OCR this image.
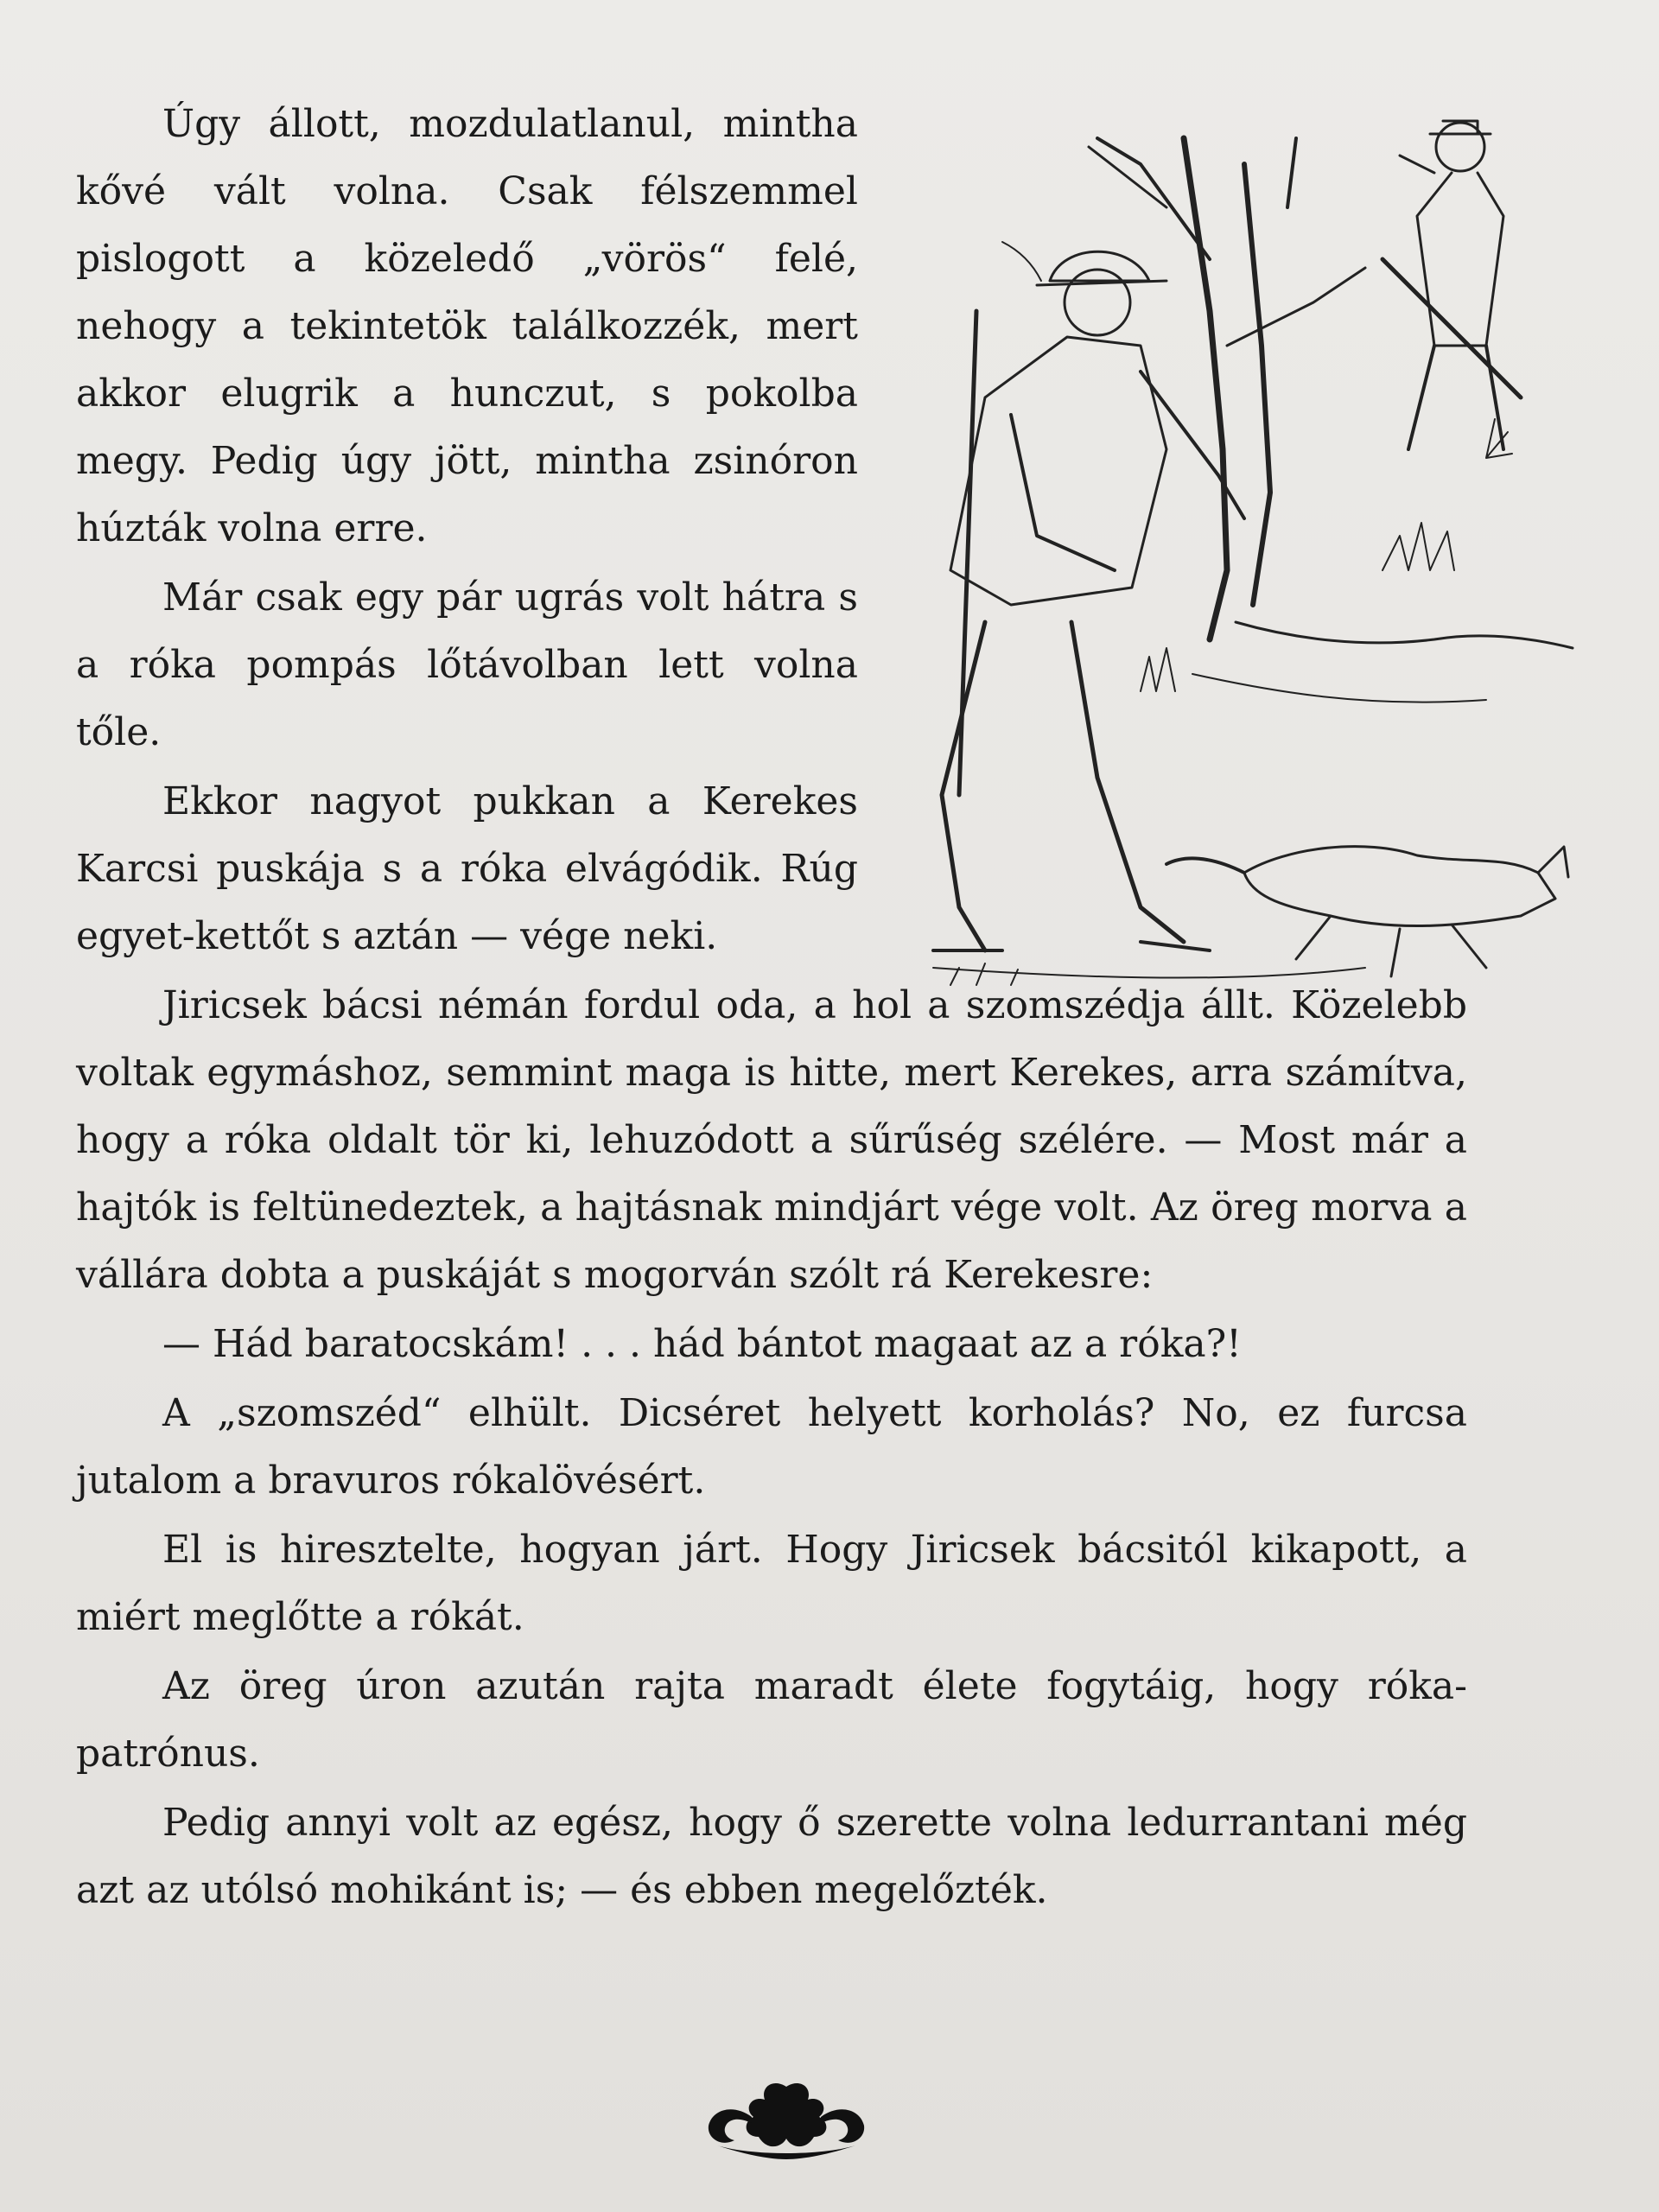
Úgy állott, mozdulatlanul, mintha kővé vált volna. Csak félszemmel pislogott a közeledő „vörös“ felé, nehogy a tekintetök találkozzék, mert akkor elugrik a hunczut, s pokolba megy. Pedig úgy jött, mintha zsinóron húzták volna erre.

Már csak egy pár ugrás volt hátra s a róka pompás lőtávolban lett volna tőle.

Ekkor nagyot pukkan a Kerekes Karcsi puskája s a róka elvágódik. Rúg egyet-kettőt s aztán — vége neki.

Jiricsek bácsi némán fordul oda, a hol a szomszédja állt. Közelebb voltak egymáshoz, semmint maga is hitte, mert Kerekes, arra számítva, hogy a róka oldalt tör ki, lehuzódott a sűrűség szélére. — Most már a hajtók is feltünedeztek, a hajtásnak mindjárt vége volt. Az öreg morva a vállára dobta a puskáját s mogorván szólt rá Kerekesre:

— Hád baratocskám! . . . hád bántot magaat az a róka?!

A „szomszéd“ elhült. Dicséret helyett korholás? No, ez furcsa jutalom a bravuros rókalövésért.

El is hiresztelte, hogyan járt. Hogy Jiricsek bácsitól kikapott, a miért meglőtte a rókát.

Az öreg úron azután rajta maradt élete fogytáig, hogy rókapatrónus.

Pedig annyi volt az egész, hogy ő szerette volna ledurrantani még azt az utólsó mohikánt is; — és ebben megelőzték.
